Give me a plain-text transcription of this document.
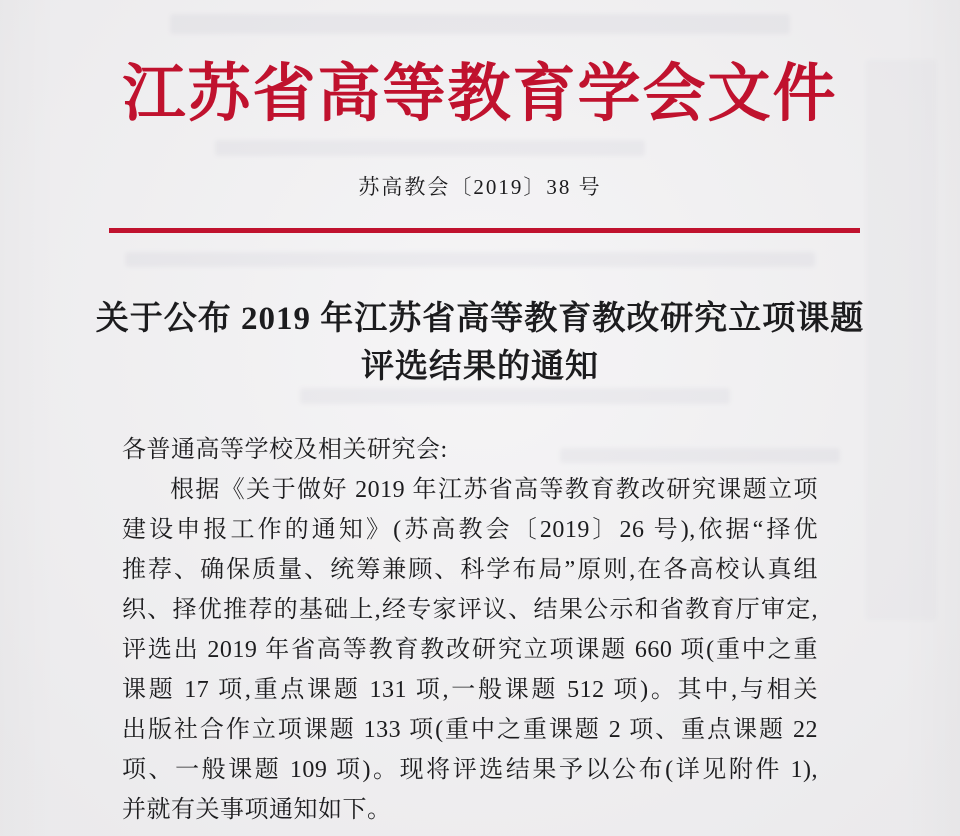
江苏省高等教育学会文件
苏高教会〔2019〕38 号
关于公布 2019 年江苏省高等教育教改研究立项课题
评选结果的通知
各普通高等学校及相关研究会:
根据《关于做好 2019 年江苏省高等教育教改研究课题立项
建设申报工作的通知》(苏高教会〔2019〕26 号),依据“择优
推荐、确保质量、统筹兼顾、科学布局”原则,在各高校认真组
织、择优推荐的基础上,经专家评议、结果公示和省教育厅审定,
评选出 2019 年省高等教育教改研究立项课题 660 项(重中之重
课题 17 项,重点课题 131 项,一般课题 512 项)。其中,与相关
出版社合作立项课题 133 项(重中之重课题 2 项、重点课题 22
项、一般课题 109 项)。现将评选结果予以公布(详见附件 1),
并就有关事项通知如下。
